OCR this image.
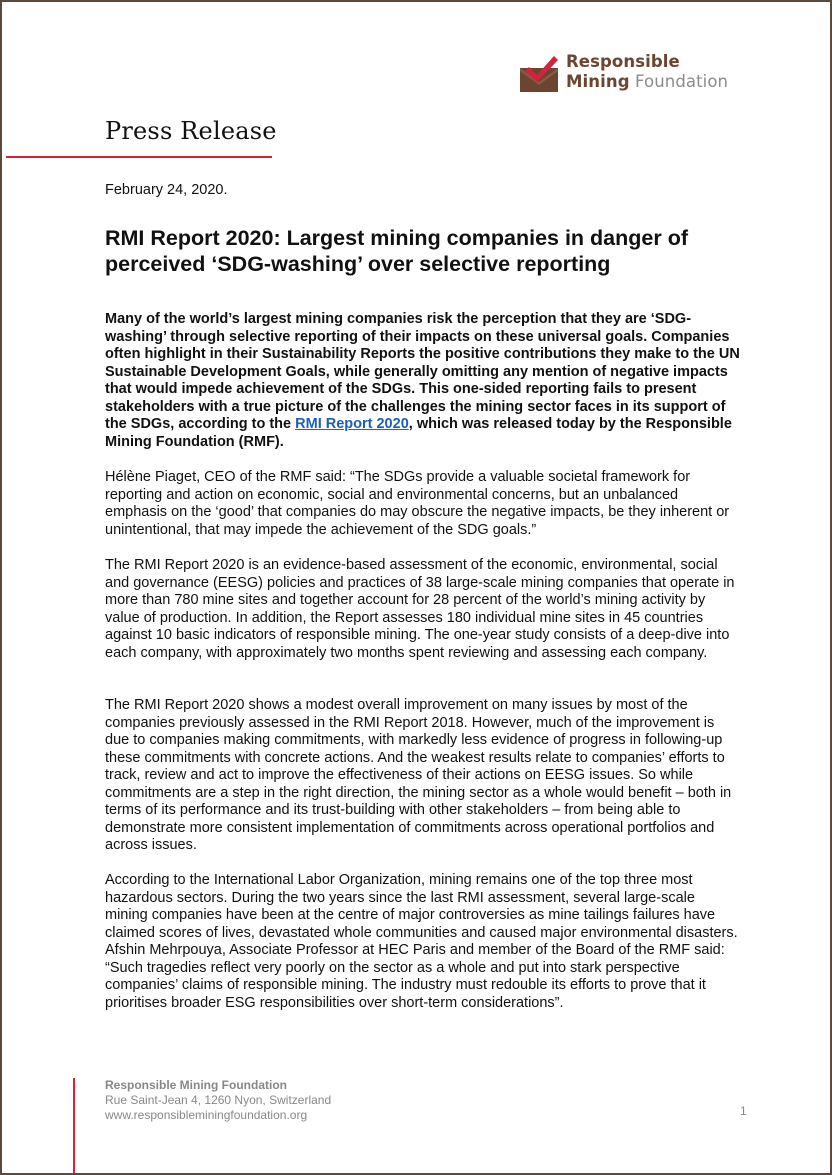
Responsible
Mining Foundation
Press Release
February 24, 2020.
RMI Report 2020: Largest mining companies in danger of perceived ‘SDG-washing’ over selective reporting

Many of the world’s largest mining companies risk the perception that they are ‘SDG-washing’ through selective reporting of their impacts on these universal goals. Companies often highlight in their Sustainability Reports the positive contributions they make to the UN Sustainable Development Goals, while generally omitting any mention of negative impacts that would impede achievement of the SDGs. This one-sided reporting fails to present stakeholders with a true picture of the challenges the mining sector faces in its support of the SDGs, according to the RMI Report 2020, which was released today by the Responsible Mining Foundation (RMF).

Hélène Piaget, CEO of the RMF said: “The SDGs provide a valuable societal framework for reporting and action on economic, social and environmental concerns, but an unbalanced emphasis on the ‘good’ that companies do may obscure the negative impacts, be they inherent or unintentional, that may impede the achievement of the SDG goals.”

The RMI Report 2020 is an evidence-based assessment of the economic, environmental, social and governance (EESG) policies and practices of 38 large-scale mining companies that operate in more than 780 mine sites and together account for 28 percent of the world’s mining activity by value of production. In addition, the Report assesses 180 individual mine sites in 45 countries against 10 basic indicators of responsible mining. The one-year study consists of a deep-dive into each company, with approximately two months spent reviewing and assessing each company.

The RMI Report 2020 shows a modest overall improvement on many issues by most of the companies previously assessed in the RMI Report 2018. However, much of the improvement is due to companies making commitments, with markedly less evidence of progress in following-up these commitments with concrete actions. And the weakest results relate to companies’ efforts to track, review and act to improve the effectiveness of their actions on EESG issues. So while commitments are a step in the right direction, the mining sector as a whole would benefit – both in terms of its performance and its trust-building with other stakeholders – from being able to demonstrate more consistent implementation of commitments across operational portfolios and across issues.

According to the International Labor Organization, mining remains one of the top three most hazardous sectors. During the two years since the last RMI assessment, several large-scale mining companies have been at the centre of major controversies as mine tailings failures have claimed scores of lives, devastated whole communities and caused major environmental disasters. Afshin Mehrpouya, Associate Professor at HEC Paris and member of the Board of the RMF said: “Such tragedies reflect very poorly on the sector as a whole and put into stark perspective companies’ claims of responsible mining. The industry must redouble its efforts to prove that it prioritises broader ESG responsibilities over short-term considerations”.

Responsible Mining Foundation
Rue Saint-Jean 4, 1260 Nyon, Switzerland
www.responsibleminingfoundation.org	1
